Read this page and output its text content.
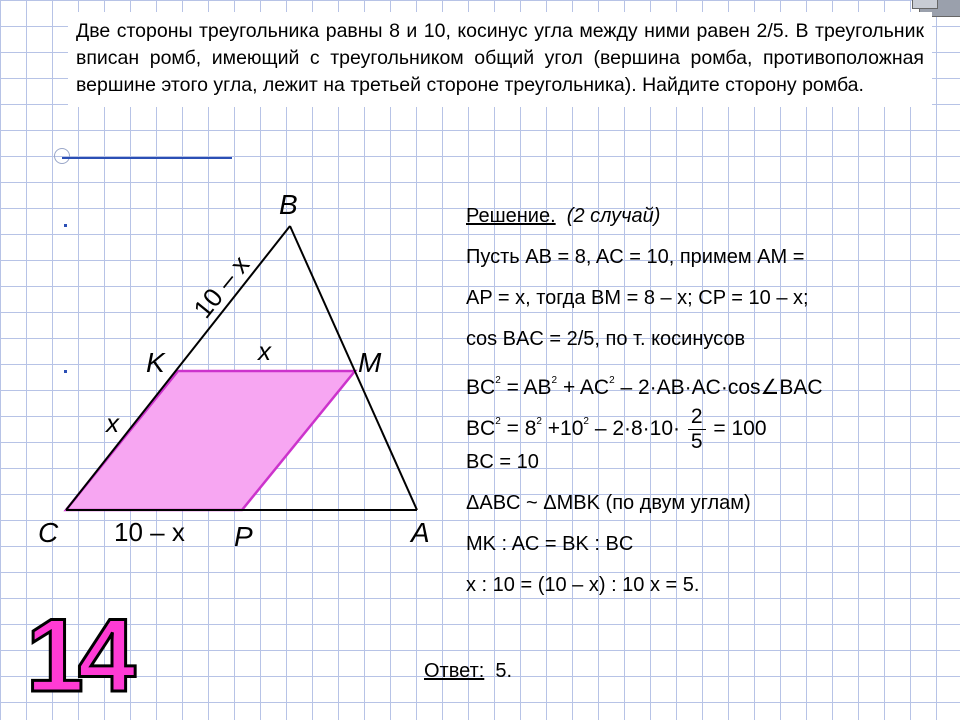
Две стороны треугольника равны 8 и 10, косинус угла между ними равен 2/5. В треугольник вписан ромб, имеющий с треугольником общий угол (вершина ромба, противоположная вершине этого угла, лежит на третьей стороне треугольника). Найдите сторону ромба.
B
C	A
K	M
P
x
x
10 – x
10 – x
Решение. (2 случай)
Пусть AB = 8, AC = 10, примем AM =
AP = x, тогда BM = 8 – x; CP = 10 – x;
cos BAC = 2/5, по т. косинусов
$BC^2 = AB^2 + AC^2$ – 2·AB·AC·cos∠BAC
$BC^2 = 8^2 +10^2 - 2\cdot 8\cdot 10\cdot \frac{2}{5} = 100$
BC = 10
ΔABC ~ ΔMBK (по двум углам)
MK : AC = BK : BC
x : 10 = (10 – x) : 10 x = 5.
Ответ: 5.
14
